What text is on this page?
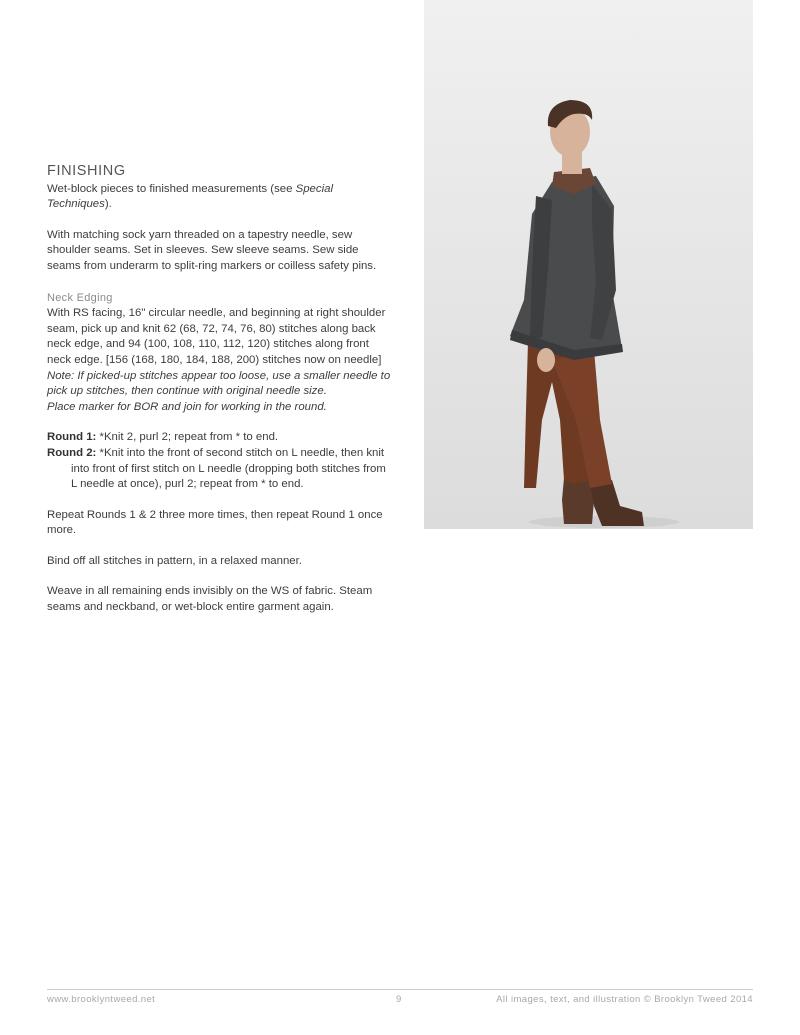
FINISHING

Wet-block pieces to finished measurements (see Special Techniques).

With matching sock yarn threaded on a tapestry needle, sew shoulder seams. Set in sleeves. Sew sleeve seams. Sew side seams from underarm to split-ring markers or coilless safety pins.

Neck Edging

With RS facing, 16" circular needle, and beginning at right shoulder seam, pick up and knit 62 (68, 72, 74, 76, 80) stitches along back neck edge, and 94 (100, 108, 110, 112, 120) stitches along front neck edge. [156 (168, 180, 184, 188, 200) stitches now on needle]

Note: If picked-up stitches appear too loose, use a smaller needle to pick up stitches, then continue with original needle size.

Place marker for BOR and join for working in the round.

Round 1: *Knit 2, purl 2; repeat from * to end.
Round 2: *Knit into the front of second stitch on L needle, then knit
into front of first stitch on L needle (dropping both stitches from L needle at once), purl 2; repeat from * to end.

Repeat Rounds 1 & 2 three more times, then repeat Round 1 once more.

Bind off all stitches in pattern, in a relaxed manner.

Weave in all remaining ends invisibly on the WS of fabric. Steam seams and neckband, or wet-block entire garment again.

www.brooklyntweed.net	9	All images, text, and illustration © Brooklyn Tweed 2014
